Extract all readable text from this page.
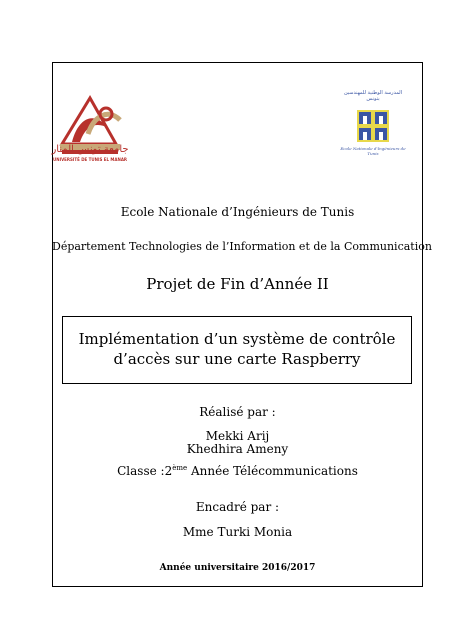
جامعة تونس المنار
UNIVERSITÉ DE TUNIS EL MANAR
المدرسة الوطنية للمهندسين بتونس
Ecole Nationale d'Ingénieurs de Tunis
Ecole Nationale d’Ingénieurs de Tunis
Département Technologies de l’Information et de la Communication
Projet de Fin d’Année II
Implémentation d’un système de contrôle
d’accès sur une carte Raspberry
Réalisé par :
Mekki Arij
Khedhira Ameny
Classe :2ème Année Télécommunications
Encadré par :
Mme Turki Monia
Année universitaire 2016/2017
